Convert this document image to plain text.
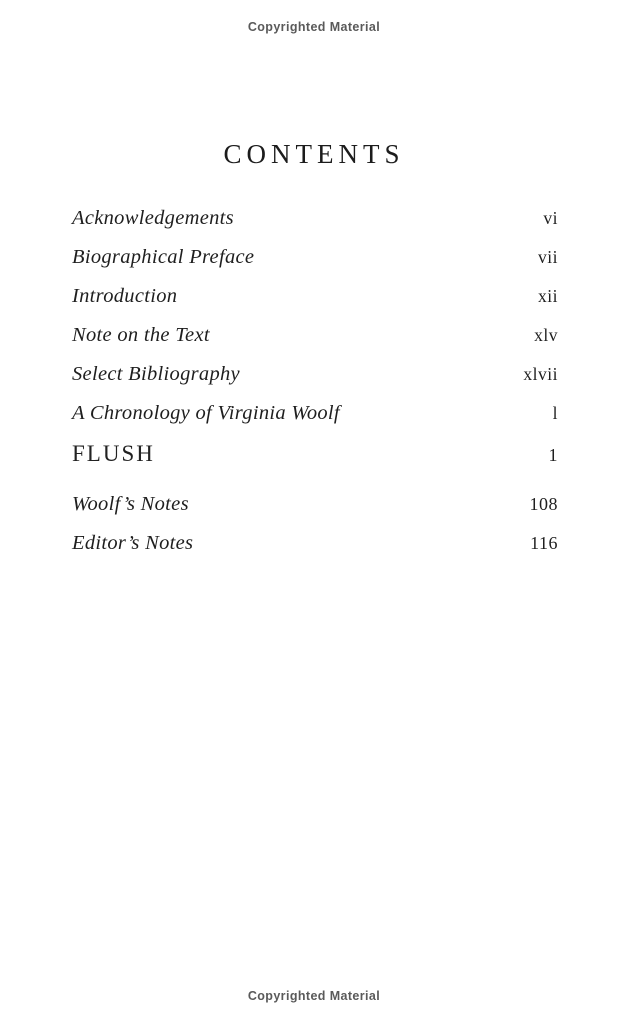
Copyrighted Material
CONTENTS
Acknowledgements	vi
Biographical Preface	vii
Introduction	xii
Note on the Text	xlv
Select Bibliography	xlvii
A Chronology of Virginia Woolf	l
FLUSH	1
Woolf’s Notes	108
Editor’s Notes	116
Copyrighted Material
